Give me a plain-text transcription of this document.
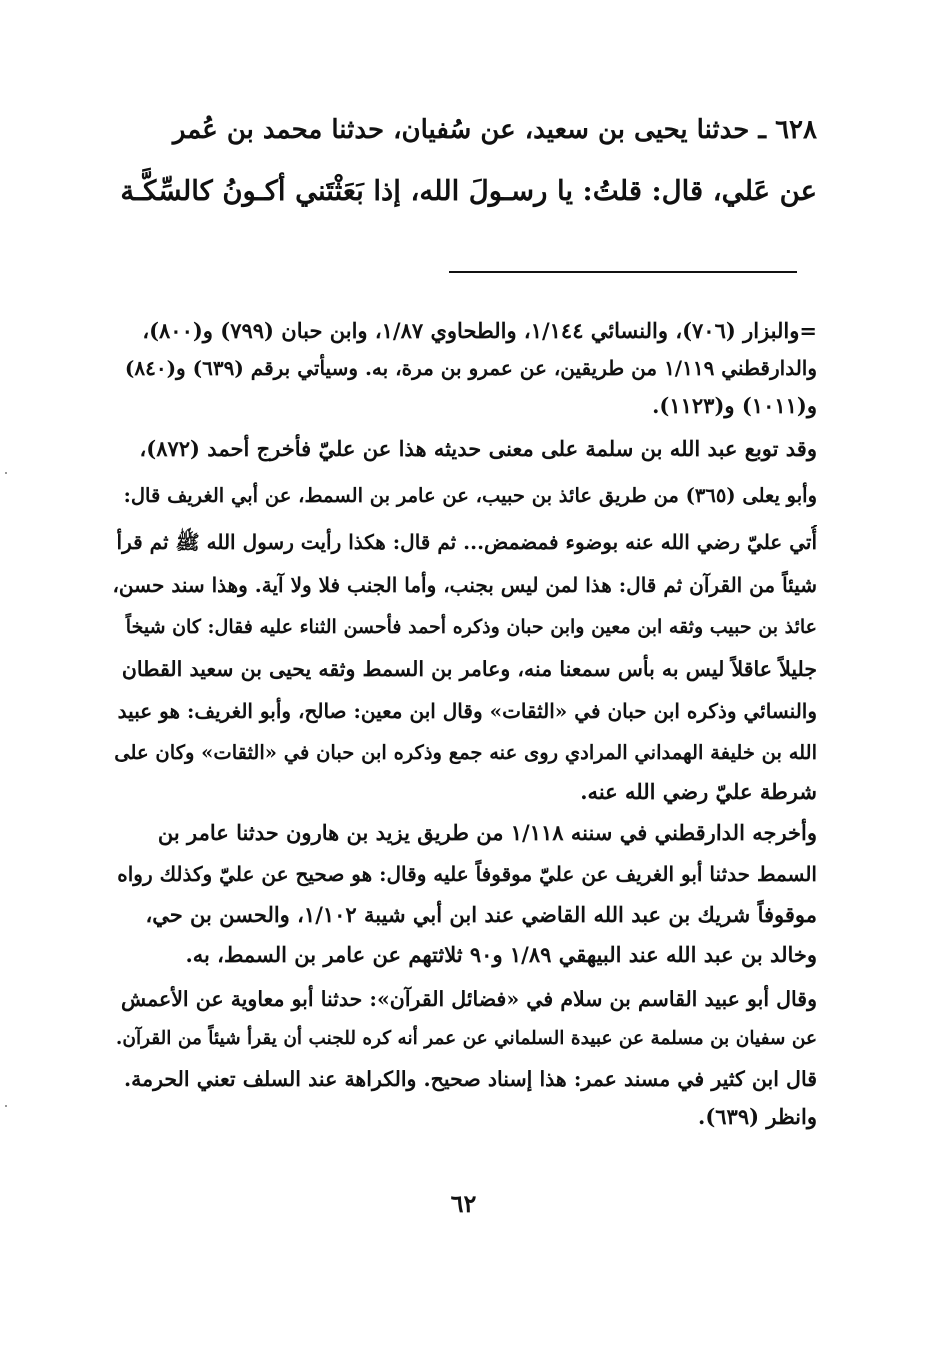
٦٢٨ ـ حدثنا يحيى بن سعيد، عن سُفيان، حدثنا محمد بن عُمر
عن عَلي، قال: قلتُ: يا رسـولَ الله، إذا بَعَثْتَني أكـونُ كالسِّكَّـة
=والبزار (٧٠٦)، والنسائي ١/١٤٤، والطحاوي ١/٨٧، وابن حبان (٧٩٩) و(٨٠٠)،
والدارقطني ١/١١٩ من طريقين، عن عمرو بن مرة، به. وسيأتي برقم (٦٣٩) و(٨٤٠)
و(١٠١١) و(١١٢٣).
وقد توبع عبد الله بن سلمة على معنى حديثه هذا عن عليّ فأخرج أحمد (٨٧٢)،
وأبو يعلى (٣٦٥) من طريق عائذ بن حبيب، عن عامر بن السمط، عن أبي الغريف قال:
أُتي عليّ رضي الله عنه بوضوء فمضمض... ثم قال: هكذا رأيت رسول الله ﷺ ثم قرأ
شيئاً من القرآن ثم قال: هذا لمن ليس بجنب، وأما الجنب فلا ولا آية. وهذا سند حسن،
عائذ بن حبيب وثقه ابن معين وابن حبان وذكره أحمد فأحسن الثناء عليه فقال: كان شيخاً
جليلاً عاقلاً ليس به بأس سمعنا منه، وعامر بن السمط وثقه يحيى بن سعيد القطان
والنسائي وذكره ابن حبان في «الثقات» وقال ابن معين: صالح، وأبو الغريف: هو عبيد
الله بن خليفة الهمداني المرادي روى عنه جمع وذكره ابن حبان في «الثقات» وكان على
شرطة عليّ رضي الله عنه.
وأخرجه الدارقطني في سننه ١/١١٨ من طريق يزيد بن هارون حدثنا عامر بن
السمط حدثنا أبو الغريف عن عليّ موقوفاً عليه وقال: هو صحيح عن عليّ وكذلك رواه
موقوفاً شريك بن عبد الله القاضي عند ابن أبي شيبة ١/١٠٢، والحسن بن حي،
وخالد بن عبد الله عند البيهقي ١/٨٩ و٩٠ ثلاثتهم عن عامر بن السمط، به.
وقال أبو عبيد القاسم بن سلام في «فضائل القرآن»: حدثنا أبو معاوية عن الأعمش
عن سفيان بن مسلمة عن عبيدة السلماني عن عمر أنه كره للجنب أن يقرأ شيئاً من القرآن.
قال ابن كثير في مسند عمر: هذا إسناد صحيح. والكراهة عند السلف تعني الحرمة.
وانظر (٦٣٩).
٦٢
